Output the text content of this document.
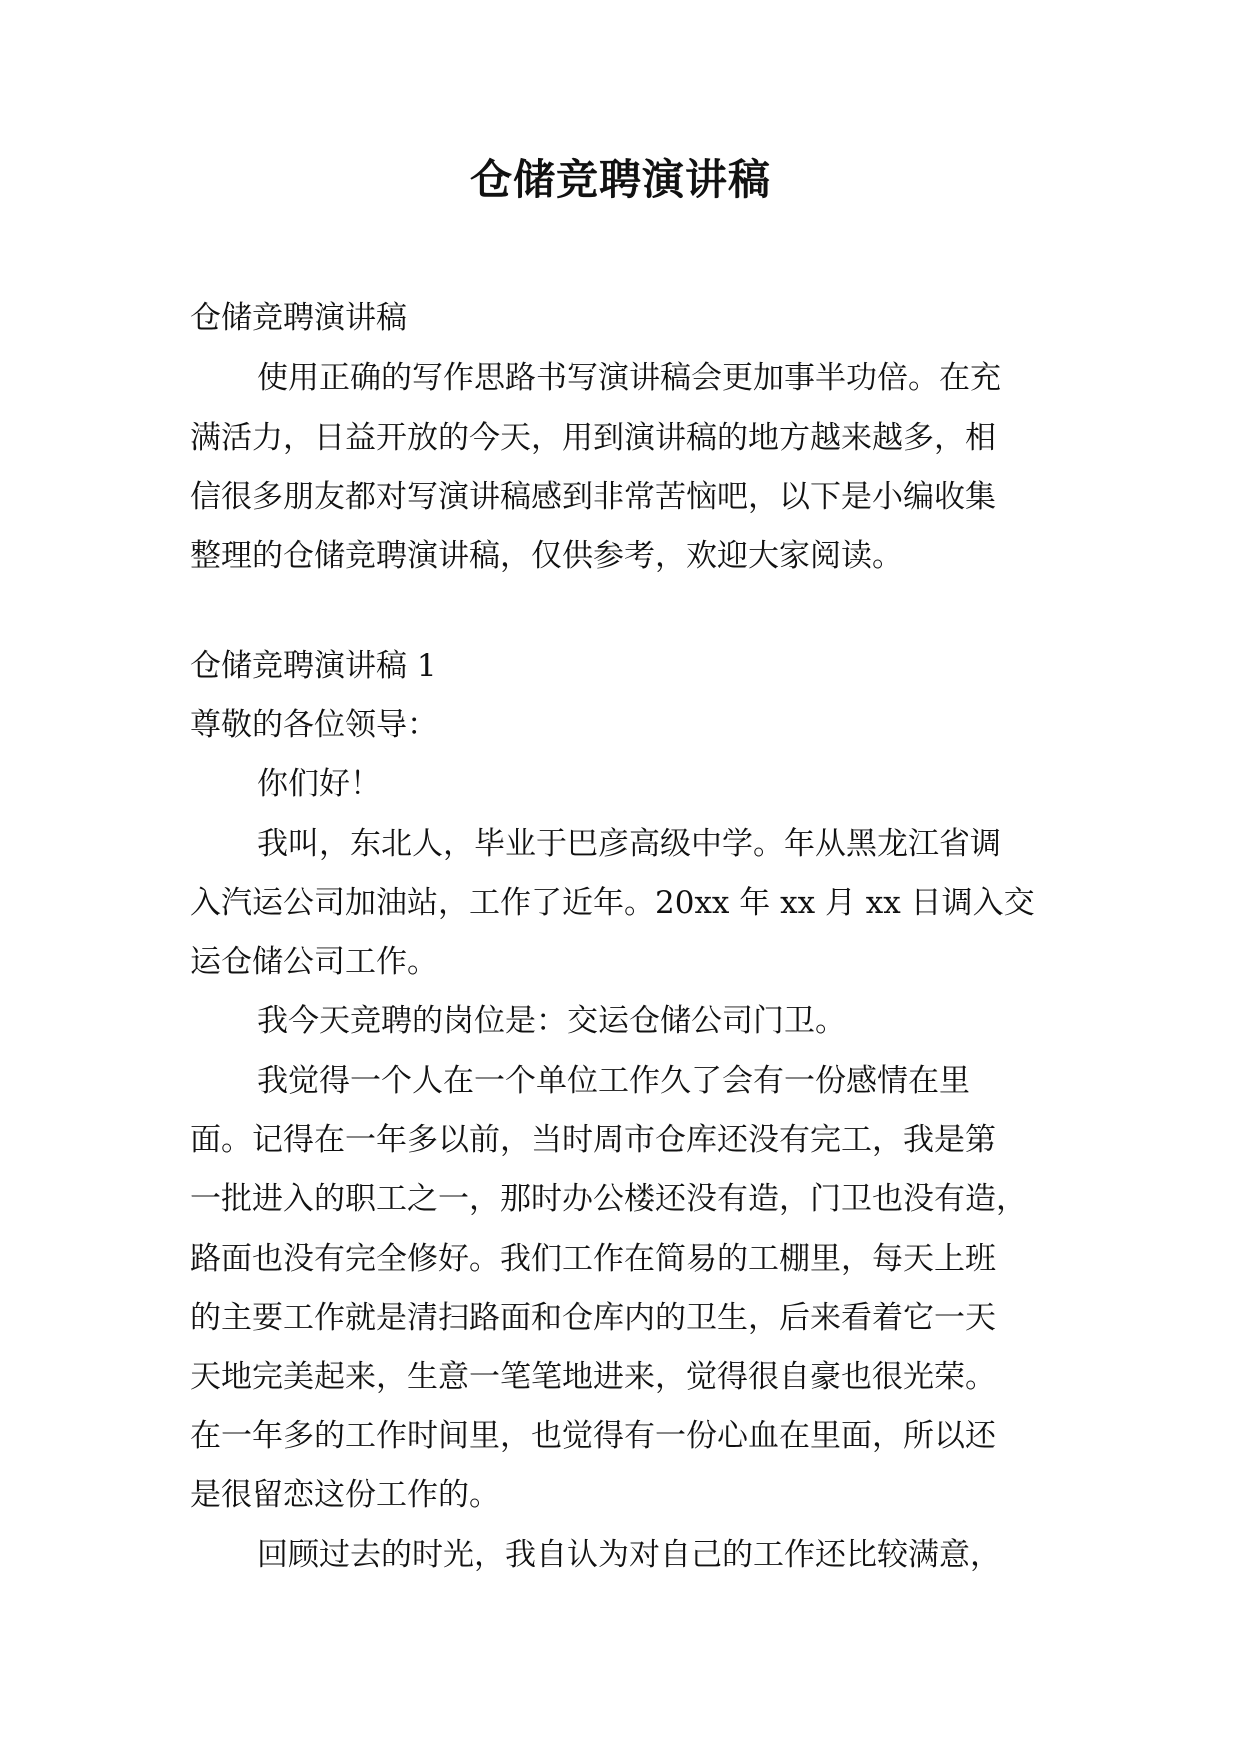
仓储竞聘演讲稿
仓储竞聘演讲稿
使用正确的写作思路书写演讲稿会更加事半功倍。在充
满活力，日益开放的今天，用到演讲稿的地方越来越多，相
信很多朋友都对写演讲稿感到非常苦恼吧，以下是小编收集
整理的仓储竞聘演讲稿，仅供参考，欢迎大家阅读。
仓储竞聘演讲稿 1
尊敬的各位领导：
你们好！
我叫，东北人，毕业于巴彦高级中学。年从黑龙江省调
入汽运公司加油站，工作了近年。20xx 年 xx 月 xx 日调入交
运仓储公司工作。
我今天竞聘的岗位是：交运仓储公司门卫。
我觉得一个人在一个单位工作久了会有一份感情在里
面。记得在一年多以前，当时周市仓库还没有完工，我是第
一批进入的职工之一，那时办公楼还没有造，门卫也没有造，
路面也没有完全修好。我们工作在简易的工棚里，每天上班
的主要工作就是清扫路面和仓库内的卫生，后来看着它一天
天地完美起来，生意一笔笔地进来，觉得很自豪也很光荣。
在一年多的工作时间里，也觉得有一份心血在里面，所以还
是很留恋这份工作的。
回顾过去的时光，我自认为对自己的工作还比较满意，
